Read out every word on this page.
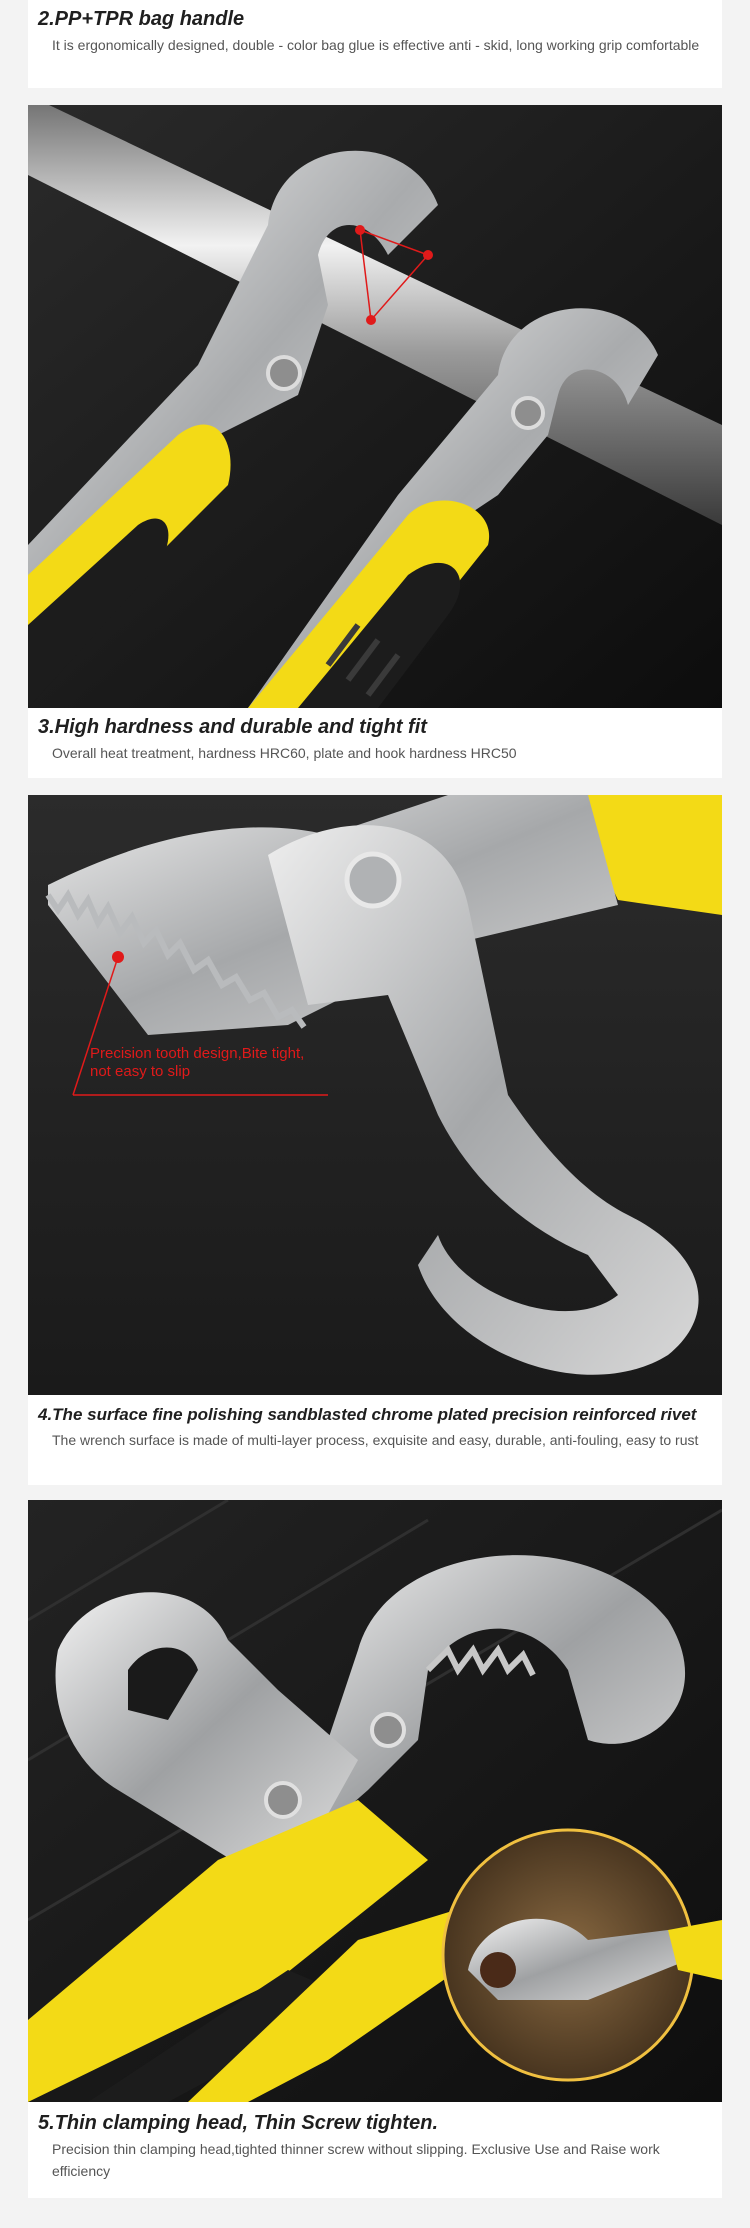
2.PP+TPR bag handle

It is ergonomically designed, double - color bag glue is effective anti - skid, long working grip comfortable

3.High hardness and durable and tight fit

Overall heat treatment, hardness HRC60, plate and hook hardness HRC50

Precision tooth design,Bite tight,
not easy to slip
4.The surface fine polishing sandblasted chrome plated precision reinforced rivet

The wrench surface is made of multi-layer process, exquisite and easy, durable, anti-fouling, easy to rust

5.Thin clamping head, Thin Screw tighten.

Precision thin clamping head,tighted thinner screw without slipping. Exclusive Use and Raise work efficiency
